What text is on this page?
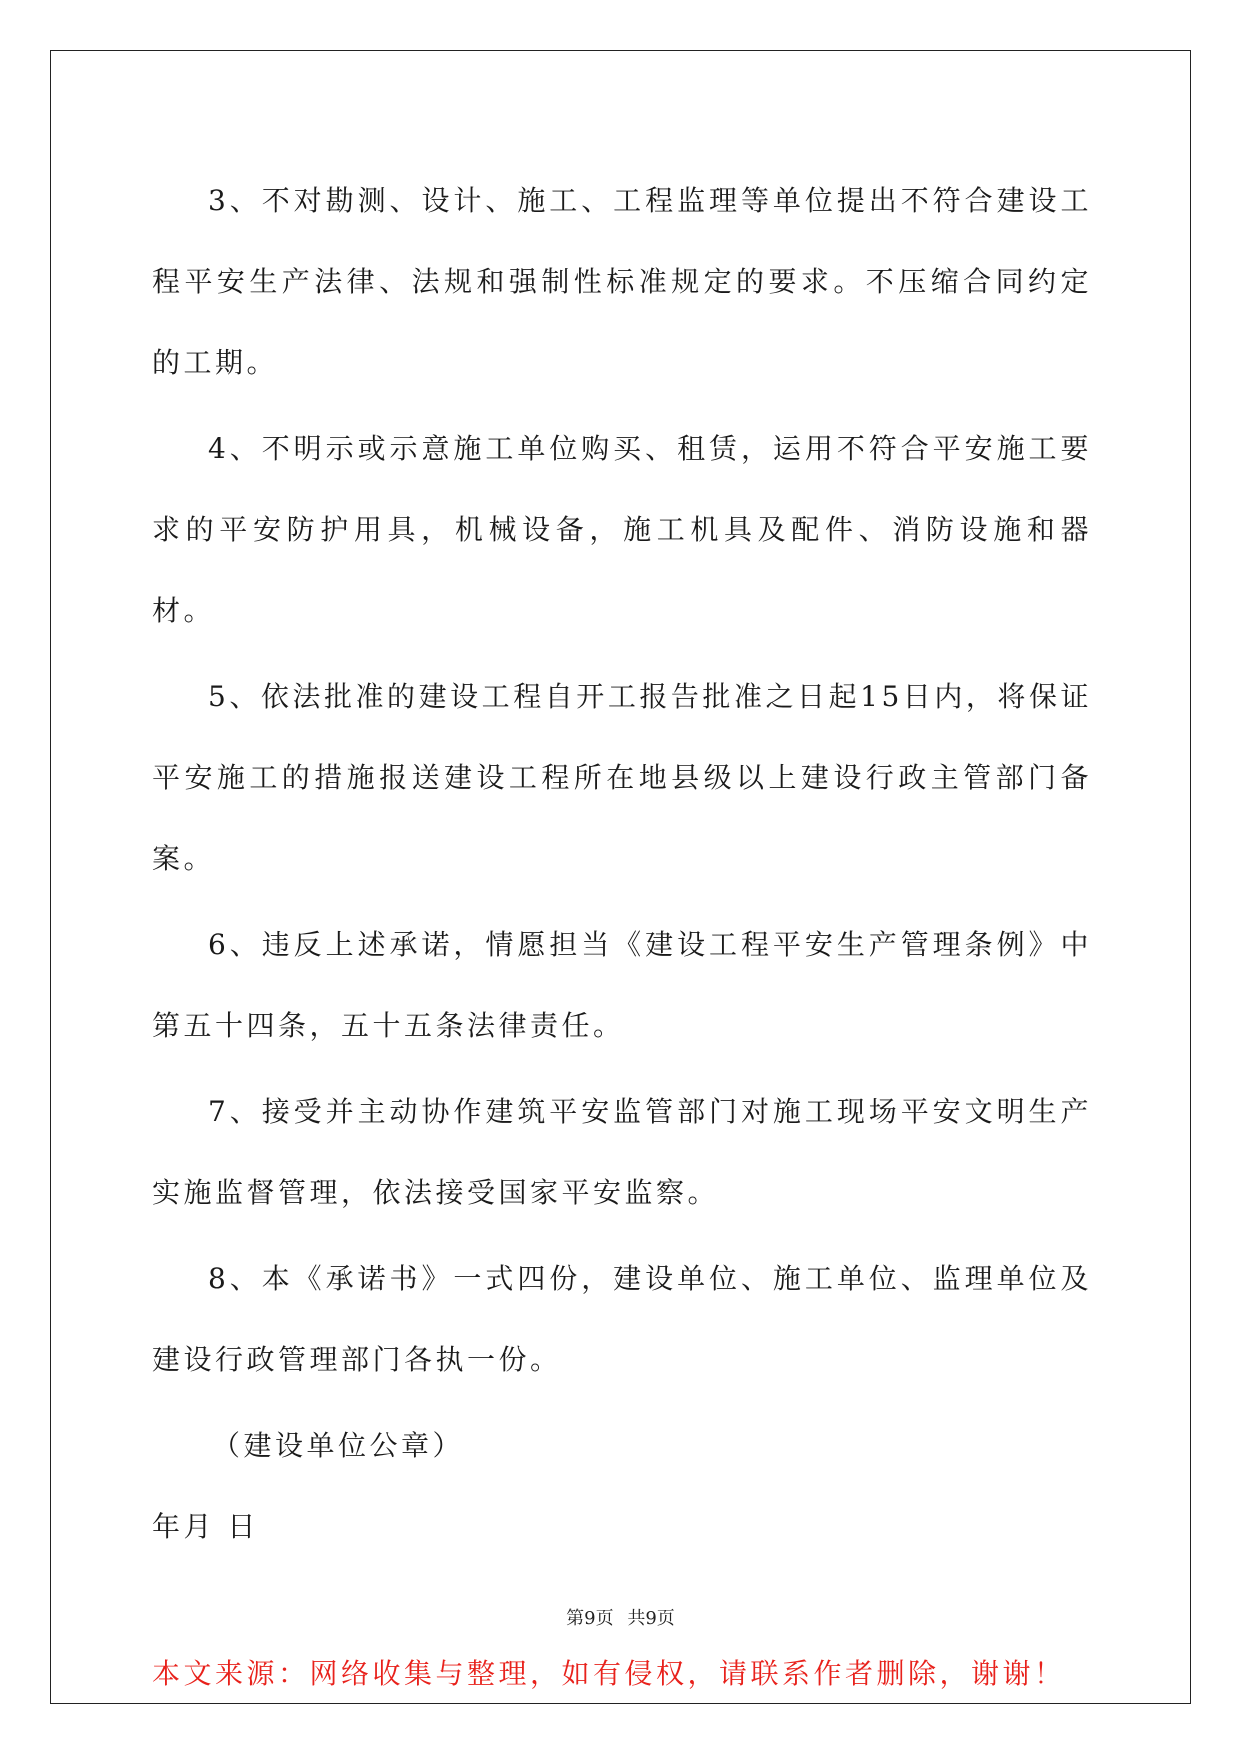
3、不对勘测、设计、施工、工程监理等单位提出不符合建设工程平安生产法律、法规和强制性标准规定的要求。不压缩合同约定的工期。

4、不明示或示意施工单位购买、租赁，运用不符合平安施工要求的平安防护用具，机械设备，施工机具及配件、消防设施和器材。

5、依法批准的建设工程自开工报告批准之日起15日内，将保证平安施工的措施报送建设工程所在地县级以上建设行政主管部门备案。

6、违反上述承诺，情愿担当《建设工程平安生产管理条例》中第五十四条，五十五条法律责任。

7、接受并主动协作建筑平安监管部门对施工现场平安文明生产实施监督管理，依法接受国家平安监察。

8、本《承诺书》一式四份，建设单位、施工单位、监理单位及建设行政管理部门各执一份。

（建设单位公章）

年月 日

本文来源：网络收集与整理，如有侵权，请联系作者删除，谢谢！

第9页 共9页
